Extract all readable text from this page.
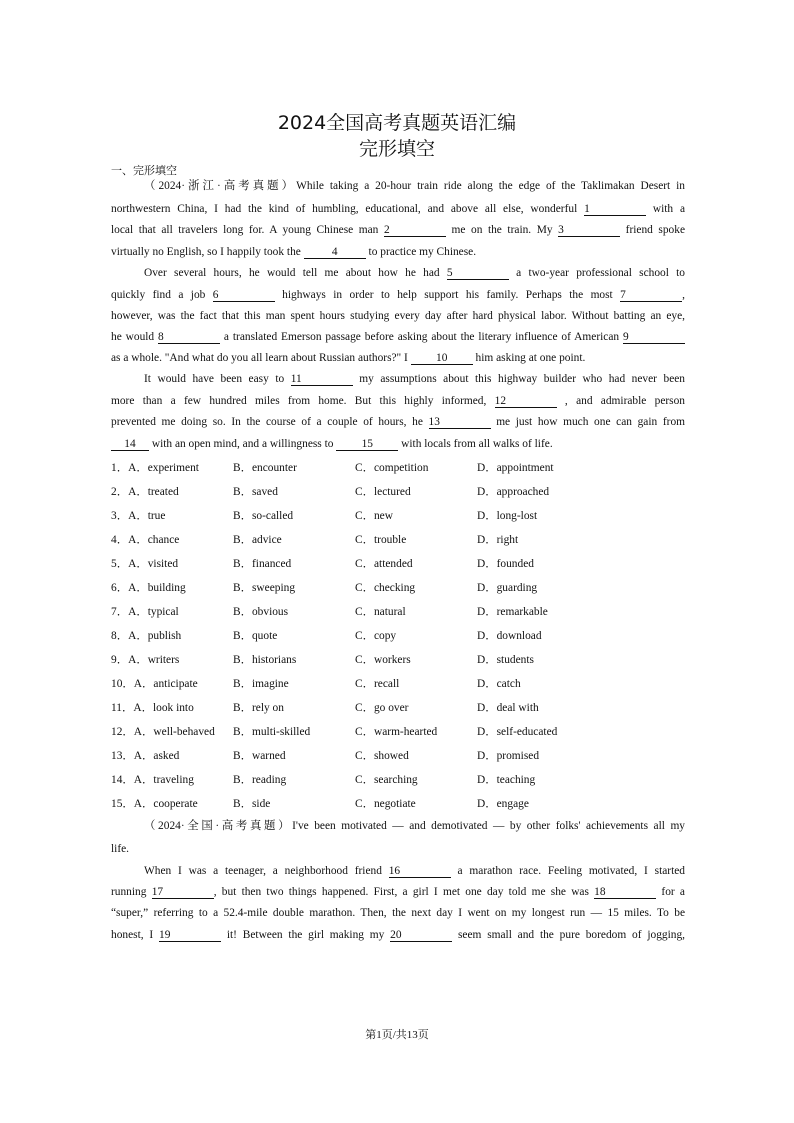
2024全国高考真题英语汇编
完形填空
一、完形填空
（2024·浙江·高考真题）While taking a 20-hour train ride along the edge of the Taklimakan Desert in
northwestern China, I had the kind of humbling, educational, and above all else, wonderful 1	with a
local that all travelers long for. A young Chinese man 2	me on the train. My 3	friend spoke
virtually no English, so I happily took the 4 to practice my Chinese.
Over several hours, he would tell me about how he had 5	a two-year professional school to
quickly find a job 6	highways in order to help support his family. Perhaps the most 7	,
however, was the fact that this man spent hours studying every day after hard physical labor. Without batting an eye,
he would 8	a translated Emerson passage before asking about the literary influence of American 9
as a whole. "And what do you all learn about Russian authors?" I 10 him asking at one point.
It would have been easy to 11	my assumptions about this highway builder who had never been
more than a few hundred miles from home. But this highly informed, 12	, and admirable person
prevented me doing so. In the course of a couple of hours, he 13	me just how much one can gain from
14 with an open mind, and a willingness to 15 with locals from all walks of life.
1．A．experiment	B．encounter	C．competition	D．appointment
2．A．treated	B．saved	C．lectured	D．approached
3．A．true	B．so-called	C．new	D．long-lost
4．A．chance	B．advice	C．trouble	D．right
5．A．visited	B．financed	C．attended	D．founded
6．A．building	B．sweeping	C．checking	D．guarding
7．A．typical	B．obvious	C．natural	D．remarkable
8．A．publish	B．quote	C．copy	D．download
9．A．writers	B．historians	C．workers	D．students
10．A．anticipate	B．imagine	C．recall	D．catch
11．A．look into	B．rely on	C．go over	D．deal with
12．A．well-behaved B．multi-skilled	C．warm-hearted	D．self-educated
13．A．asked	B．warned	C．showed	D．promised
14．A．traveling	B．reading	C．searching	D．teaching
15．A．cooperate	B．side	C．negotiate	D．engage
（2024·全国·高考真题）I've been motivated — and demotivated — by other folks' achievements all my
life.
When I was a teenager, a neighborhood friend 16	a marathon race. Feeling motivated, I started
running 17	, but then two things happened. First, a girl I met one day told me she was 18	for a
“super,” referring to a 52.4-mile double marathon. Then, the next day I went on my longest run — 15 miles. To be
honest, I 19	it! Between the girl making my 20	seem small and the pure boredom of jogging,
第1页/共13页
